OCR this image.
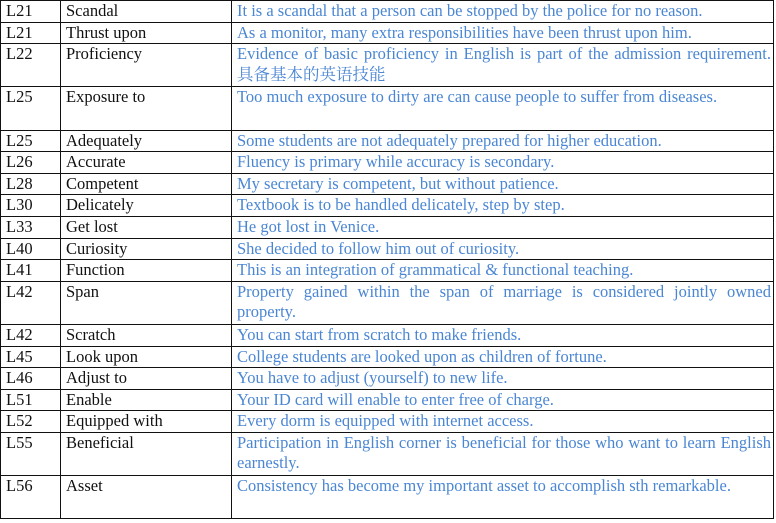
L21	Scandal	It is a scandal that a person can be stopped by the police for no reason.
L21	Thrust upon	As a monitor, many extra responsibilities have been thrust upon him.
L22	Proficiency	Evidence of basic proficiency in English is part of the admission requirement. 具备基本的英语技能
L25	Exposure to	Too much exposure to dirty are can cause people to suffer from diseases.
L25	Adequately	Some students are not adequately prepared for higher education.
L26	Accurate	Fluency is primary while accuracy is secondary.
L28	Competent	My secretary is competent, but without patience.
L30	Delicately	Textbook is to be handled delicately, step by step.
L33	Get lost	He got lost in Venice.
L40	Curiosity	She decided to follow him out of curiosity.
L41	Function	This is an integration of grammatical & functional teaching.
L42	Span	Property gained within the span of marriage is considered jointly owned property.
L42	Scratch	You can start from scratch to make friends.
L45	Look upon	College students are looked upon as children of fortune.
L46	Adjust to	You have to adjust (yourself) to new life.
L51	Enable	Your ID card will enable to enter free of charge.
L52	Equipped with	Every dorm is equipped with internet access.
L55	Beneficial	Participation in English corner is beneficial for those who want to learn English earnestly.
L56	Asset	Consistency has become my important asset to accomplish sth remarkable.
